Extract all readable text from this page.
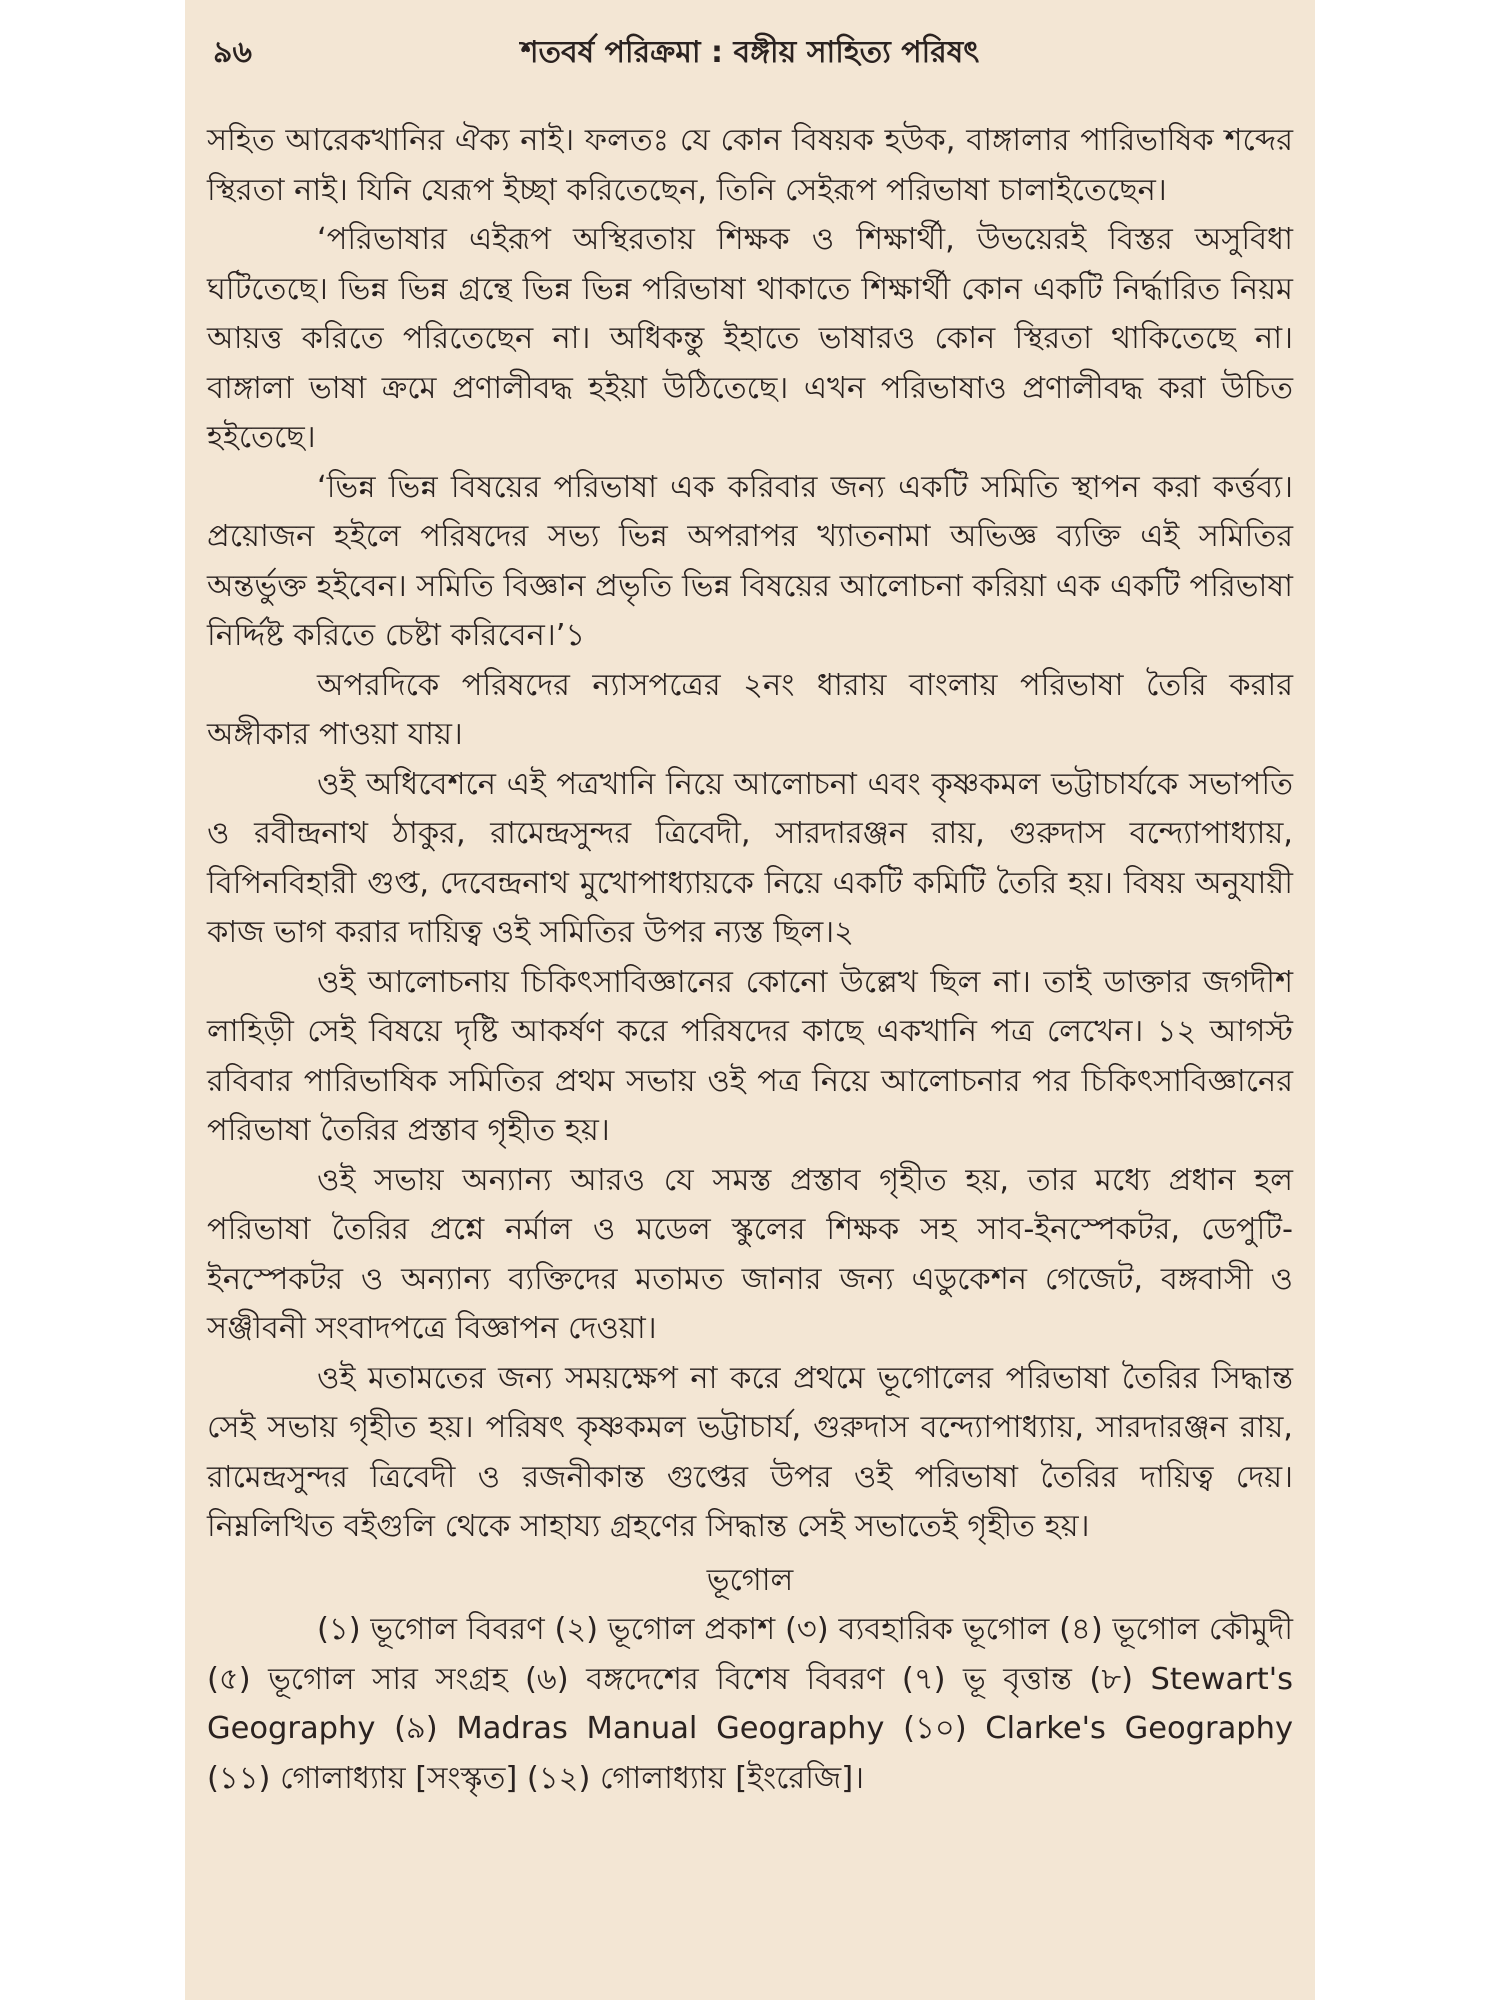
৯৬	শতবর্ষ পরিক্রমা : বঙ্গীয় সাহিত্য পরিষৎ

সহিত আরেকখানির ঐক্য নাই। ফলতঃ যে কোন বিষয়ক হউক, বাঙ্গালার পারিভাষিক শব্দের স্থিরতা নাই। যিনি যেরূপ ইচ্ছা করিতেছেন, তিনি সেইরূপ পরিভাষা চালাইতেছেন।

‘পরিভাষার এইরূপ অস্থিরতায় শিক্ষক ও শিক্ষার্থী, উভয়েরই বিস্তর অসুবিধা ঘটিতেছে। ভিন্ন ভিন্ন গ্রন্থে ভিন্ন ভিন্ন পরিভাষা থাকাতে শিক্ষার্থী কোন একটি নির্দ্ধারিত নিয়ম আয়ত্ত করিতে পরিতেছেন না। অধিকন্তু ইহাতে ভাষারও কোন স্থিরতা থাকিতেছে না। বাঙ্গালা ভাষা ক্রমে প্রণালীবদ্ধ হইয়া উঠিতেছে। এখন পরিভাষাও প্রণালীবদ্ধ করা উচিত হইতেছে।

‘ভিন্ন ভিন্ন বিষয়ের পরিভাষা এক করিবার জন্য একটি সমিতি স্থাপন করা কর্ত্তব্য। প্রয়োজন হইলে পরিষদের সভ্য ভিন্ন অপরাপর খ্যাতনামা অভিজ্ঞ ব্যক্তি এই সমিতির অন্তর্ভুক্ত হইবেন। সমিতি বিজ্ঞান প্রভৃতি ভিন্ন বিষয়ের আলোচনা করিয়া এক একটি পরিভাষা নির্দ্দিষ্ট করিতে চেষ্টা করিবেন।’১

অপরদিকে পরিষদের ন্যাসপত্রের ২নং ধারায় বাংলায় পরিভাষা তৈরি করার অঙ্গীকার পাওয়া যায়।

ওই অধিবেশনে এই পত্রখানি নিয়ে আলোচনা এবং কৃষ্ণকমল ভট্টাচার্যকে সভাপতি ও রবীন্দ্রনাথ ঠাকুর, রামেন্দ্রসুন্দর ত্রিবেদী, সারদারঞ্জন রায়, গুরুদাস বন্দ্যোপাধ্যায়, বিপিনবিহারী গুপ্ত, দেবেন্দ্রনাথ মুখোপাধ্যায়কে নিয়ে একটি কমিটি তৈরি হয়। বিষয় অনুযায়ী কাজ ভাগ করার দায়িত্ব ওই সমিতির উপর ন্যস্ত ছিল।২

ওই আলোচনায় চিকিৎসাবিজ্ঞানের কোনো উল্লেখ ছিল না। তাই ডাক্তার জগদীশ লাহিড়ী সেই বিষয়ে দৃষ্টি আকর্ষণ করে পরিষদের কাছে একখানি পত্র লেখেন। ১২ আগস্ট রবিবার পারিভাষিক সমিতির প্রথম সভায় ওই পত্র নিয়ে আলোচনার পর চিকিৎসাবিজ্ঞানের পরিভাষা তৈরির প্রস্তাব গৃহীত হয়।

ওই সভায় অন্যান্য আরও যে সমস্ত প্রস্তাব গৃহীত হয়, তার মধ্যে প্রধান হল পরিভাষা তৈরির প্রশ্নে নর্মাল ও মডেল স্কুলের শিক্ষক সহ সাব-ইনস্পেকটর, ডেপুটি-ইনস্পেকটর ও অন্যান্য ব্যক্তিদের মতামত জানার জন্য এডুকেশন গেজেট, বঙ্গবাসী ও সঞ্জীবনী সংবাদপত্রে বিজ্ঞাপন দেওয়া।

ওই মতামতের জন্য সময়ক্ষেপ না করে প্রথমে ভূগোলের পরিভাষা তৈরির সিদ্ধান্ত সেই সভায় গৃহীত হয়। পরিষৎ কৃষ্ণকমল ভট্টাচার্য, গুরুদাস বন্দ্যোপাধ্যায়, সারদারঞ্জন রায়, রামেন্দ্রসুন্দর ত্রিবেদী ও রজনীকান্ত গুপ্তের উপর ওই পরিভাষা তৈরির দায়িত্ব দেয়। নিম্নলিখিত বইগুলি থেকে সাহায্য গ্রহণের সিদ্ধান্ত সেই সভাতেই গৃহীত হয়।

ভূগোল

(১) ভূগোল বিবরণ (২) ভূগোল প্রকাশ (৩) ব্যবহারিক ভূগোল (৪) ভূগোল কৌমুদী (৫) ভূগোল সার সংগ্রহ (৬) বঙ্গদেশের বিশেষ বিবরণ (৭) ভূ বৃত্তান্ত (৮) Stewart's Geography (৯) Madras Manual Geography (১০) Clarke's Geography (১১) গোলাধ্যায় [সংস্কৃত] (১২) গোলাধ্যায় [ইংরেজি]।
